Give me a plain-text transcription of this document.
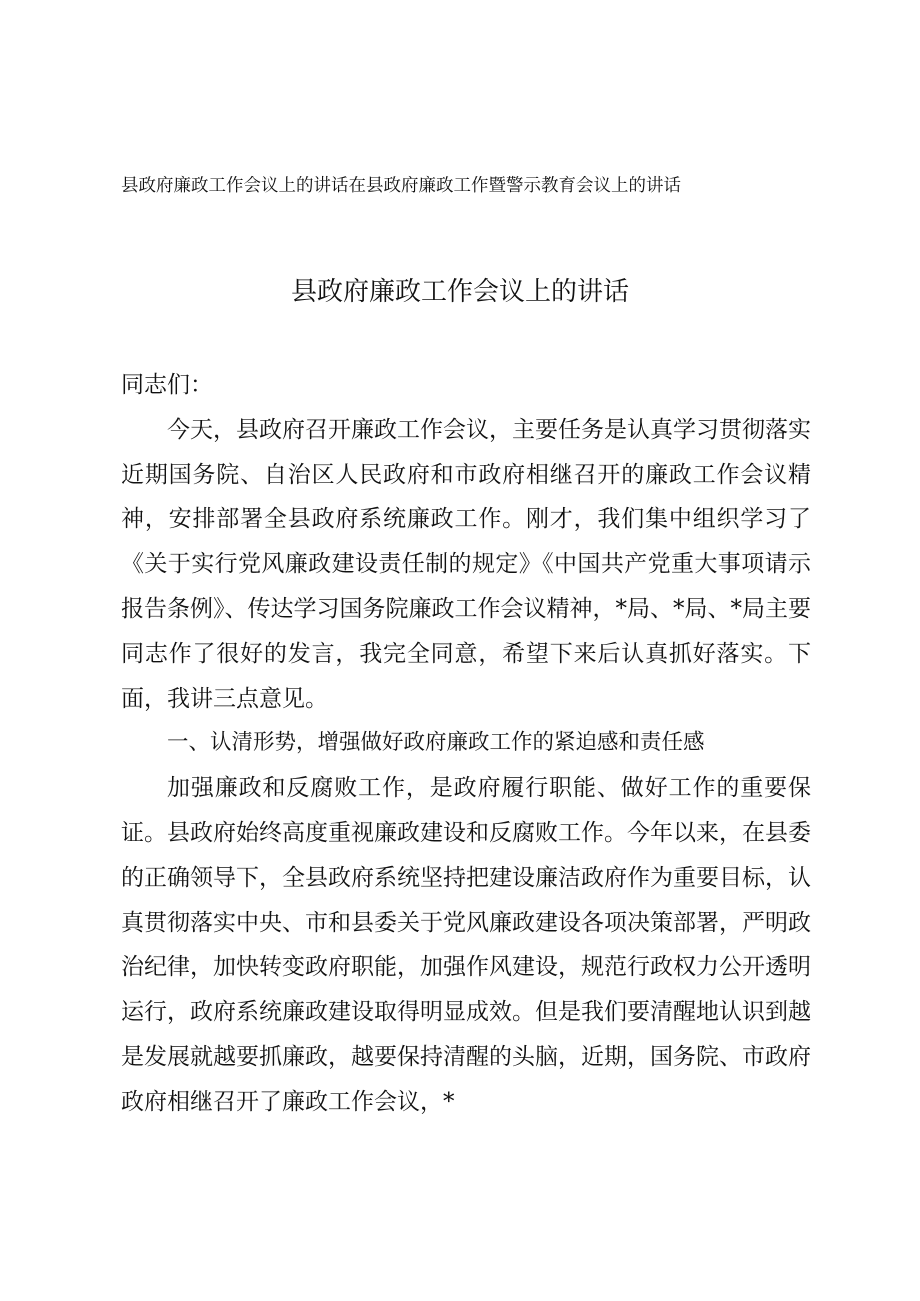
县政府廉政工作会议上的讲话在县政府廉政工作暨警示教育会议上的讲话
县政府廉政工作会议上的讲话

同志们：

今天，县政府召开廉政工作会议，主要任务是认真学习贯彻落实近期国务院、自治区人民政府和市政府相继召开的廉政工作会议精神，安排部署全县政府系统廉政工作。刚才，我们集中组织学习了《关于实行党风廉政建设责任制的规定》《中国共产党重大事项请示报告条例》、传达学习国务院廉政工作会议精神，*局、*局、*局主要同志作了很好的发言，我完全同意，希望下来后认真抓好落实。下面，我讲三点意见。

一、认清形势，增强做好政府廉政工作的紧迫感和责任感

加强廉政和反腐败工作，是政府履行职能、做好工作的重要保证。县政府始终高度重视廉政建设和反腐败工作。今年以来，在县委的正确领导下，全县政府系统坚持把建设廉洁政府作为重要目标，认真贯彻落实中央、市和县委关于党风廉政建设各项决策部署，严明政治纪律，加快转变政府职能，加强作风建设，规范行政权力公开透明运行，政府系统廉政建设取得明显成效。但是我们要清醒地认识到越是发展就越要抓廉政，越要保持清醒的头脑，近期，国务院、市政府政府相继召开了廉政工作会议，*
